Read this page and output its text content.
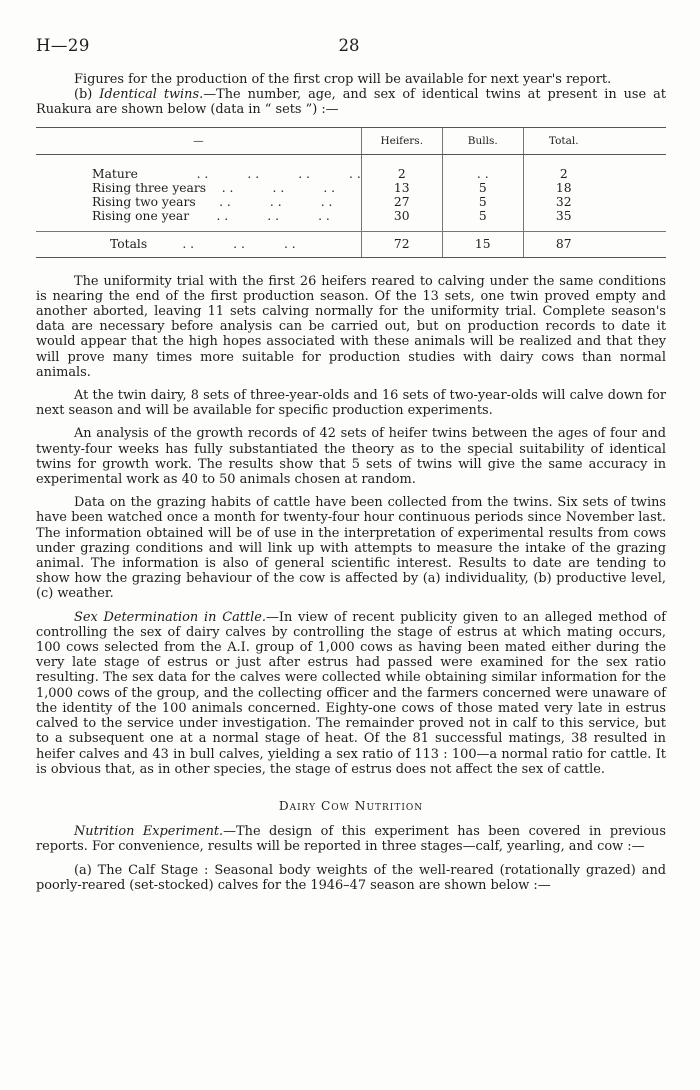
H—29	28

Figures for the production of the first crop will be available for next year's report.

(b) Identical twins.—The number, age, and sex of identical twins at present in use at Ruakura are shown below (data in “ sets ”) :—

—	Heifers.	Bulls.	Total.	
Mature               . .          . .          . .          . .	2	. .	2	
Rising three years    . .          . .          . .	13	5	18	
Rising two years      . .          . .          . .	27	5	32	
Rising one year       . .          . .          . .	30	5	35	
Totals         . .          . .          . .	72	15	87	

The uniformity trial with the first 26 heifers reared to calving under the same conditions is nearing the end of the first production season. Of the 13 sets, one twin proved empty and another aborted, leaving 11 sets calving normally for the uniformity trial. Complete season's data are necessary before analysis can be carried out, but on production records to date it would appear that the high hopes associated with these animals will be realized and that they will prove many times more suitable for production studies with dairy cows than normal animals.

At the twin dairy, 8 sets of three-year-olds and 16 sets of two-year-olds will calve down for next season and will be available for specific production experiments.

An analysis of the growth records of 42 sets of heifer twins between the ages of four and twenty-four weeks has fully substantiated the theory as to the special suitability of identical twins for growth work. The results show that 5 sets of twins will give the same accuracy in experimental work as 40 to 50 animals chosen at random.

Data on the grazing habits of cattle have been collected from the twins. Six sets of twins have been watched once a month for twenty-four hour continuous periods since November last. The information obtained will be of use in the interpretation of experimental results from cows under grazing conditions and will link up with attempts to measure the intake of the grazing animal. The information is also of general scientific interest. Results to date are tending to show how the grazing behaviour of the cow is affected by (a) individuality, (b) productive level, (c) weather.

Sex Determination in Cattle.—In view of recent publicity given to an alleged method of controlling the sex of dairy calves by controlling the stage of estrus at which mating occurs, 100 cows selected from the A.I. group of 1,000 cows as having been mated either during the very late stage of estrus or just after estrus had passed were examined for the sex ratio resulting. The sex data for the calves were collected while obtaining similar information for the 1,000 cows of the group, and the collecting officer and the farmers concerned were unaware of the identity of the 100 animals concerned. Eighty-one cows of those mated very late in estrus calved to the service under investigation. The remainder proved not in calf to this service, but to a subsequent one at a normal stage of heat. Of the 81 successful matings, 38 resulted in heifer calves and 43 in bull calves, yielding a sex ratio of 113 : 100—a normal ratio for cattle. It is obvious that, as in other species, the stage of estrus does not affect the sex of cattle.

Dairy Cow Nutrition

Nutrition Experiment.—The design of this experiment has been covered in previous reports. For convenience, results will be reported in three stages—calf, yearling, and cow :—

(a) The Calf Stage : Seasonal body weights of the well-reared (rotationally grazed) and poorly-reared (set-stocked) calves for the 1946–47 season are shown below :—
